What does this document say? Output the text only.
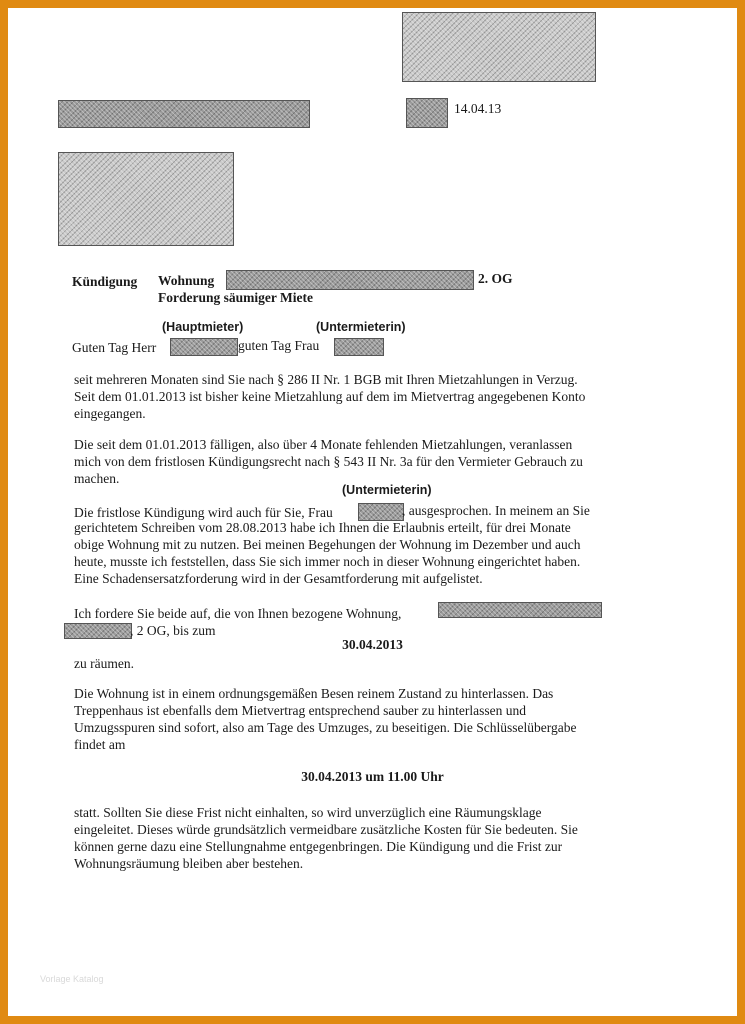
14.04.13
Kündigung Wohnung	2. OG
Forderung säumiger Miete
(Hauptmieter)	(Untermieterin)
Guten Tag Herr	guten Tag Frau
seit mehreren Monaten sind Sie nach § 286 II Nr. 1 BGB mit Ihren Mietzahlungen in Verzug.
Seit dem 01.01.2013 ist bisher keine Mietzahlung auf dem im Mietvertrag angegebenen Konto
eingegangen.
Die seit dem 01.01.2013 fälligen, also über 4 Monate fehlenden Mietzahlungen, veranlassen
mich von dem fristlosen Kündigungsrecht nach § 543 II Nr. 3a für den Vermieter Gebrauch zu
machen.
(Untermieterin)
Die fristlose Kündigung wird auch für Sie, Frau	, ausgesprochen. In meinem an Sie
gerichtetem Schreiben vom 28.08.2013 habe ich Ihnen die Erlaubnis erteilt, für drei Monate
obige Wohnung mit zu nutzen. Bei meinen Begehungen der Wohnung im Dezember und auch
heute, musste ich feststellen, dass Sie sich immer noch in dieser Wohnung eingerichtet haben.
Eine Schadensersatzforderung wird in der Gesamtforderung mit aufgelistet.
Ich fordere Sie beide auf, die von Ihnen bezogene Wohnung,
, 2 OG, bis zum
30.04.2013
zu räumen.
Die Wohnung ist in einem ordnungsgemäßen Besen reinem Zustand zu hinterlassen. Das
Treppenhaus ist ebenfalls dem Mietvertrag entsprechend sauber zu hinterlassen und
Umzugsspuren sind sofort, also am Tage des Umzuges, zu beseitigen. Die Schlüsselübergabe
findet am
30.04.2013 um 11.00 Uhr
statt. Sollten Sie diese Frist nicht einhalten, so wird unverzüglich eine Räumungsklage
eingeleitet. Dieses würde grundsätzlich vermeidbare zusätzliche Kosten für Sie bedeuten. Sie
können gerne dazu eine Stellungnahme entgegenbringen. Die Kündigung und die Frist zur
Wohnungsräumung bleiben aber bestehen.
Vorlage Katalog
